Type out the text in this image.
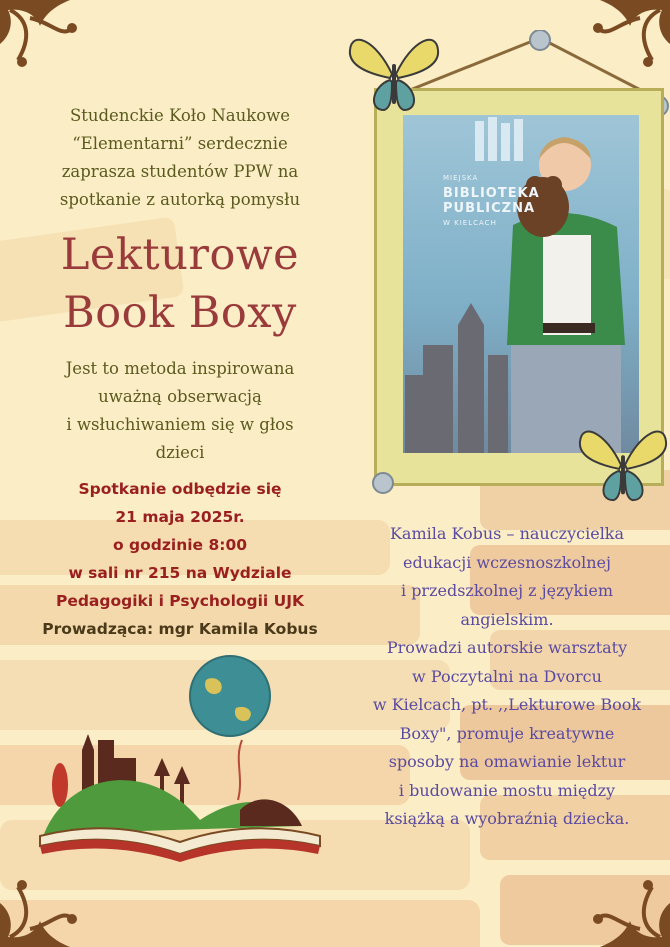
Studenckie Koło Naukowe
“Elementarni” serdecznie
zaprasza studentów PPW na
spotkanie z autorką pomysłu
Lekturowe
Book Boxy
Jest to metoda inspirowana
uważną obserwacją
i wsłuchiwaniem się w głos
dzieci
Spotkanie odbędzie się
21 maja 2025r.
o godzinie 8:00
w sali nr 215 na Wydziale
Pedagogiki i Psychologii UJK
Prowadząca: mgr Kamila Kobus
MIEJSKA
BIBLIOTEKA
PUBLICZNA
W KIELCACH
Kamila Kobus – nauczycielka
edukacji wczesnoszkolnej
i przedszkolnej z językiem
angielskim.
Prowadzi autorskie warsztaty
w Poczytalni na Dvorcu
w Kielcach, pt. ,,Lekturowe Book
Boxy", promuje kreatywne
sposoby na omawianie lektur
i budowanie mostu między
książką a wyobraźnią dziecka.
